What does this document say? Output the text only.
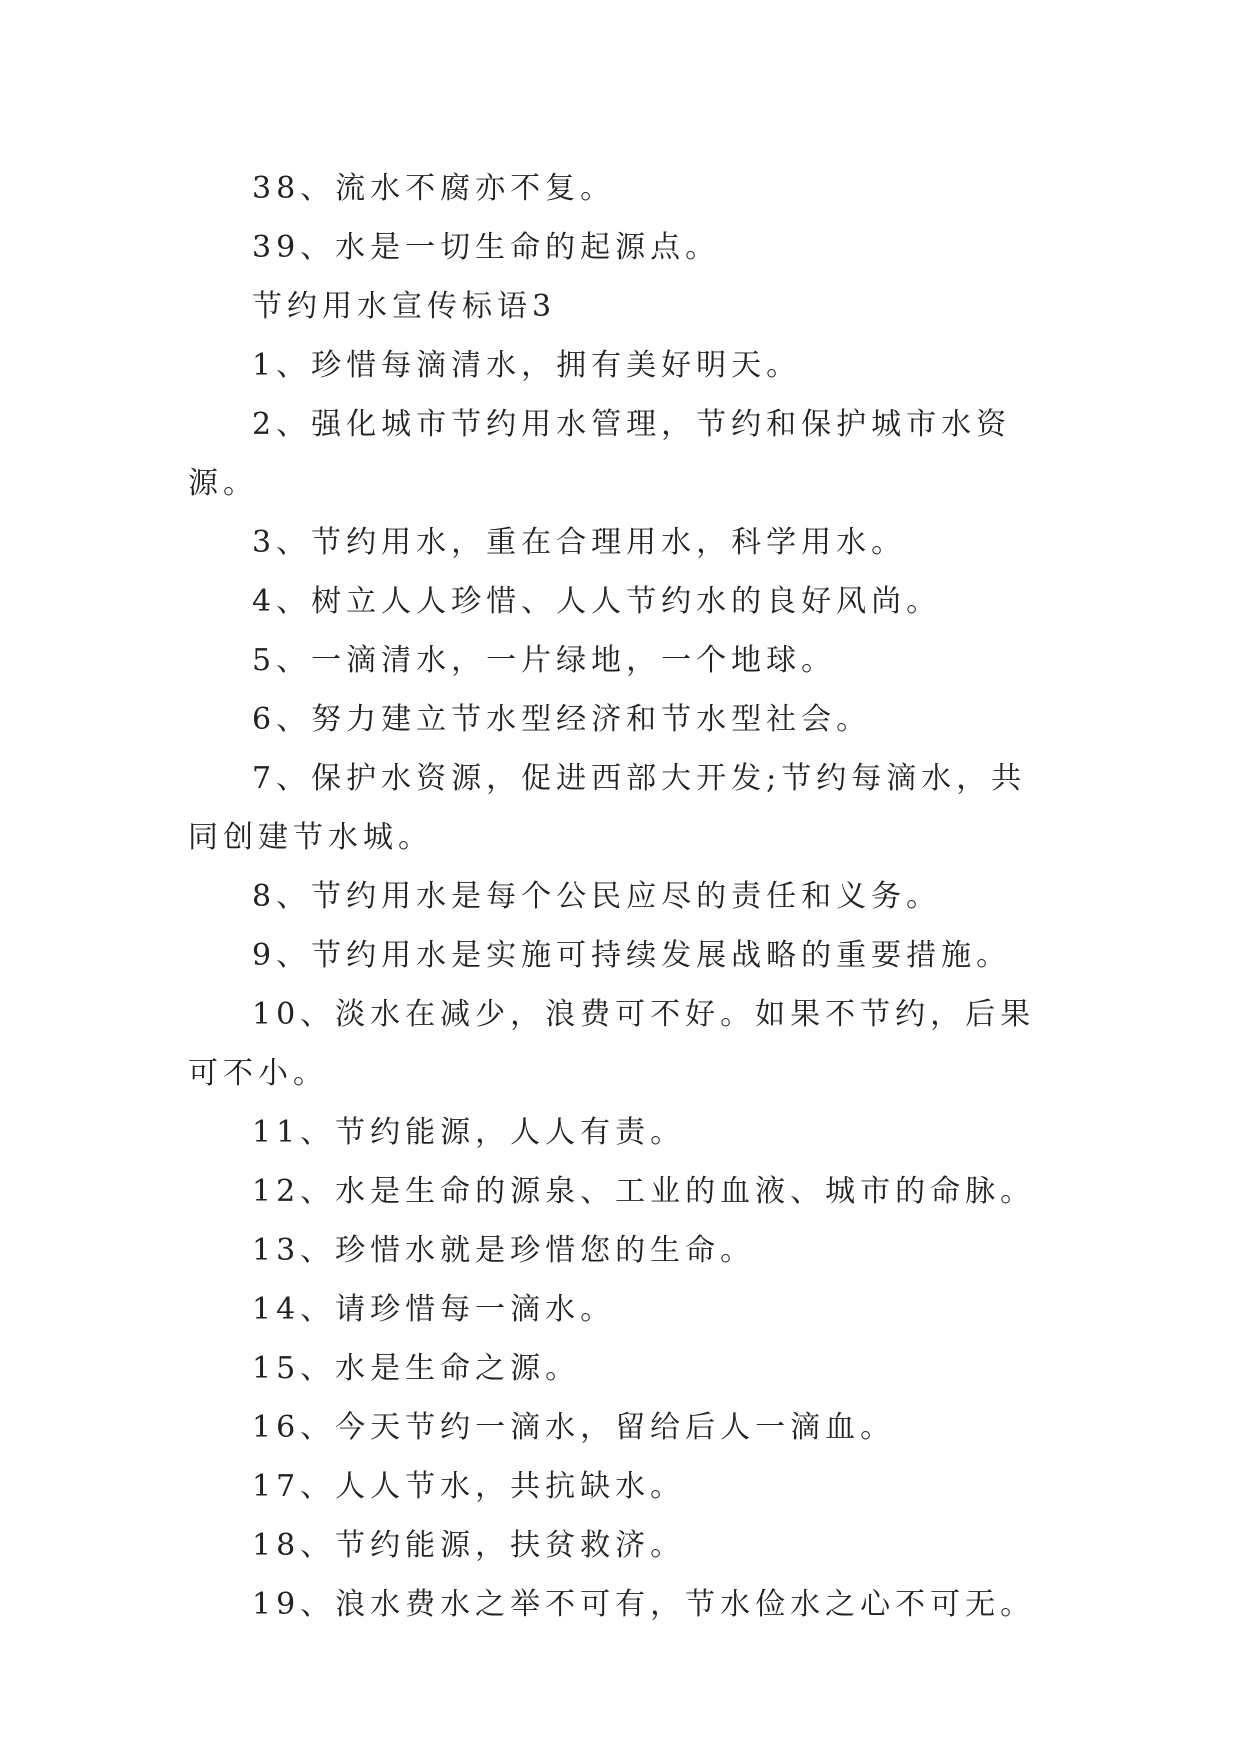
38、流水不腐亦不复。

39、水是一切生命的起源点。

节约用水宣传标语3

1、珍惜每滴清水，拥有美好明天。

2、强化城市节约用水管理，节约和保护城市水资源。

3、节约用水，重在合理用水，科学用水。

4、树立人人珍惜、人人节约水的良好风尚。

5、一滴清水，一片绿地，一个地球。

6、努力建立节水型经济和节水型社会。

7、保护水资源，促进西部大开发;节约每滴水，共同创建节水城。

8、节约用水是每个公民应尽的责任和义务。

9、节约用水是实施可持续发展战略的重要措施。

10、淡水在减少，浪费可不好。如果不节约，后果可不小。

11、节约能源，人人有责。

12、水是生命的源泉、工业的血液、城市的命脉。

13、珍惜水就是珍惜您的生命。

14、请珍惜每一滴水。

15、水是生命之源。

16、今天节约一滴水，留给后人一滴血。

17、人人节水，共抗缺水。

18、节约能源，扶贫救济。

19、浪水费水之举不可有，节水俭水之心不可无。
